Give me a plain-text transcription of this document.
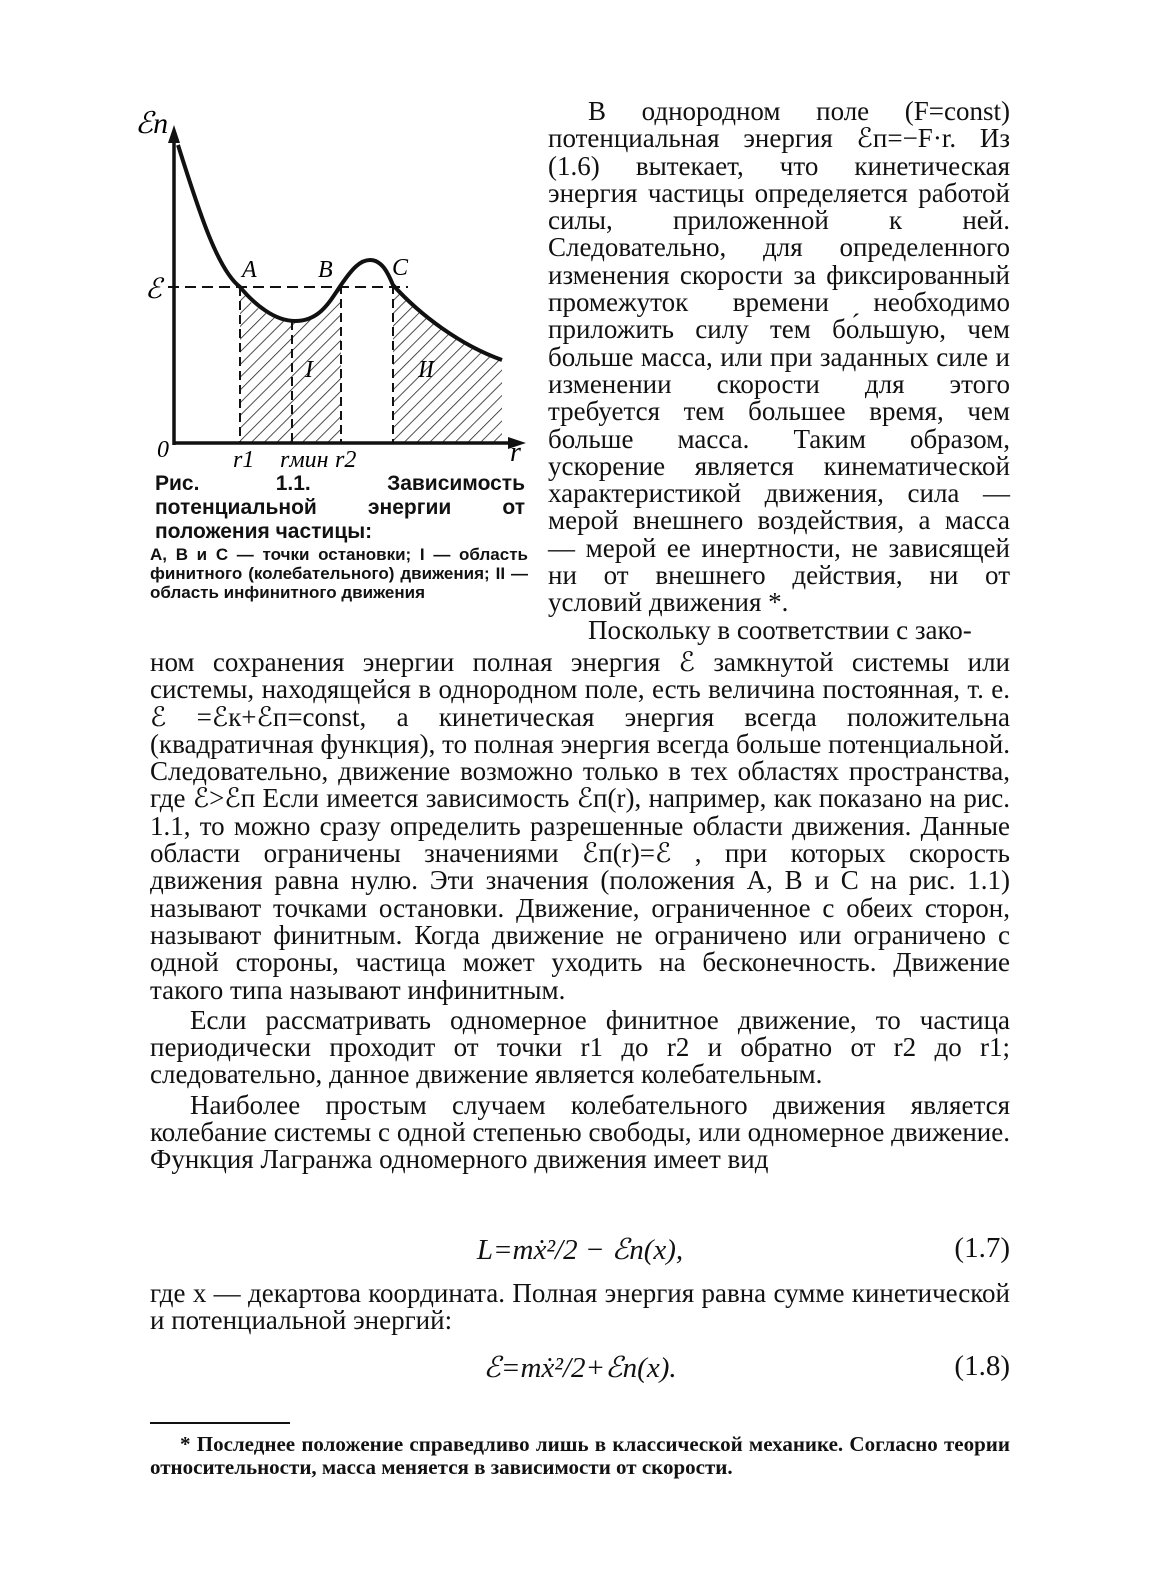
ℰп
ℰ
0	r
A	B C
I	II
r1 rмин r2
Рис. 1.1. Зависимость потенциальной энергии от положения частицы:
A, B и C — точки остановки; I — область финитного (колебательного) движения; II — область инфинитного движения

В однородном поле (F=const) потенциальная энергия ℰп=−F·r. Из (1.6) вытекает, что кинетическая энергия частицы определяется работой силы, приложенной к ней. Следовательно, для определенного изменения скорости за фиксированный промежуток времени необходимо приложить силу тем бо́льшую, чем больше масса, или при заданных силе и изменении скорости для этого требуется тем большее время, чем больше масса. Таким образом, ускорение является кинематической характеристикой движения, сила — мерой внешнего воздействия, а масса — мерой ее инертности, не зависящей ни от внешнего действия, ни от условий движения *.

Поскольку в соответствии с зако-

ном сохранения энергии полная энергия ℰ замкнутой системы или системы, находящейся в однородном поле, есть величина постоянная, т. е. ℰ =ℰк+ℰп=const, а кинетическая энергия всегда положительна (квадратичная функция), то полная энергия всегда больше потенциальной. Следовательно, движение возможно только в тех областях пространства, где ℰ>ℰп Если имеется зависимость ℰп(r), например, как показано на рис. 1.1, то можно сразу определить разрешенные области движения. Данные области ограничены значениями ℰп(r)=ℰ , при которых скорость движения равна нулю. Эти значения (положения A, B и C на рис. 1.1) называют точками остановки. Движение, ограниченное с обеих сторон, называют финитным. Когда движение не ограничено или ограничено с одной стороны, частица может уходить на бесконечность. Движение такого типа называют инфинитным.

Если рассматривать одномерное финитное движение, то частица периодически проходит от точки r1 до r2 и обратно от r2 до r1; следовательно, данное движение является колебательным.

Наиболее простым случаем колебательного движения является колебание системы с одной степенью свободы, или одномерное движение. Функция Лагранжа одномерного движения имеет вид

L=mẋ²/2 − ℰп(x),	(1.7)

где x — декартова координата. Полная энергия равна сумме кинетической и потенциальной энергий:

ℰ=mẋ²/2+ℰп(x).	(1.8)

* Последнее положение справедливо лишь в классической механике. Согласно теории относительности, масса меняется в зависимости от скорости.
